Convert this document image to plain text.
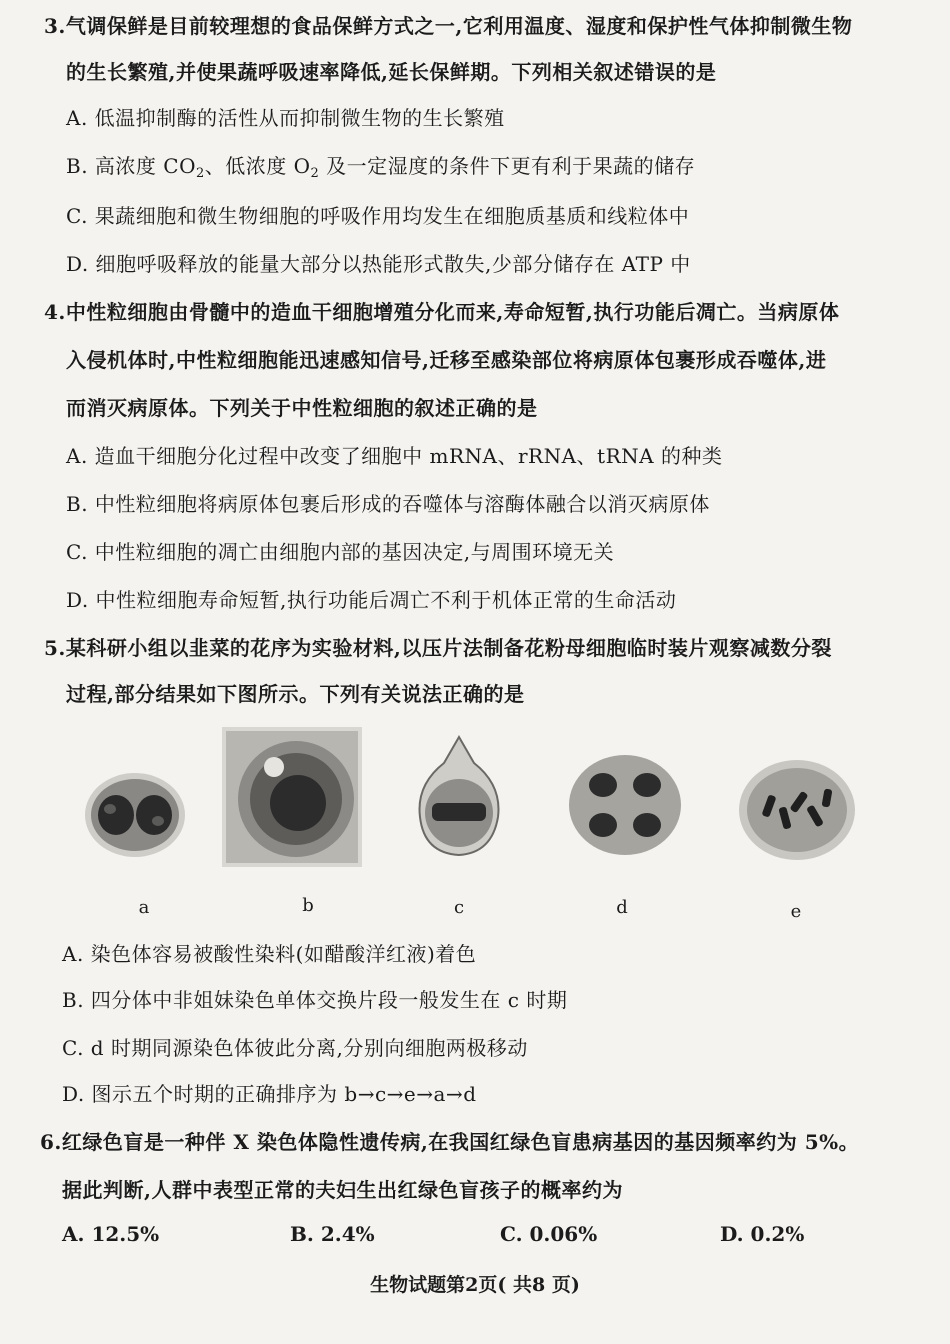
3.气调保鲜是目前较理想的食品保鲜方式之一,它利用温度、湿度和保护性气体抑制微生物
的生长繁殖,并使果蔬呼吸速率降低,延长保鲜期。下列相关叙述错误的是
A. 低温抑制酶的活性从而抑制微生物的生长繁殖
B. 高浓度 $CO_2$、低浓度 $O_2$ 及一定湿度的条件下更有利于果蔬的储存
C. 果蔬细胞和微生物细胞的呼吸作用均发生在细胞质基质和线粒体中
D. 细胞呼吸释放的能量大部分以热能形式散失,少部分储存在 ATP 中
4.中性粒细胞由骨髓中的造血干细胞增殖分化而来,寿命短暂,执行功能后凋亡。当病原体
入侵机体时,中性粒细胞能迅速感知信号,迁移至感染部位将病原体包裹形成吞噬体,进
而消灭病原体。下列关于中性粒细胞的叙述正确的是
A. 造血干细胞分化过程中改变了细胞中 mRNA、rRNA、tRNA 的种类
B. 中性粒细胞将病原体包裹后形成的吞噬体与溶酶体融合以消灭病原体
C. 中性粒细胞的凋亡由细胞内部的基因决定,与周围环境无关
D. 中性粒细胞寿命短暂,执行功能后凋亡不利于机体正常的生命活动
5.某科研小组以韭菜的花序为实验材料,以压片法制备花粉母细胞临时装片观察减数分裂
过程,部分结果如下图所示。下列有关说法正确的是
a	b	c	d	e
A. 染色体容易被酸性染料(如醋酸洋红液)着色
B. 四分体中非姐妹染色单体交换片段一般发生在 c 时期
C. d 时期同源染色体彼此分离,分别向细胞两极移动
D. 图示五个时期的正确排序为 b→c→e→a→d
6.红绿色盲是一种伴 X 染色体隐性遗传病,在我国红绿色盲患病基因的基因频率约为 5%。
据此判断,人群中表型正常的夫妇生出红绿色盲孩子的概率约为
A. 12.5%	B. 2.4%	C. 0.06%	D. 0.2%
生物试题第2页( 共8 页)
